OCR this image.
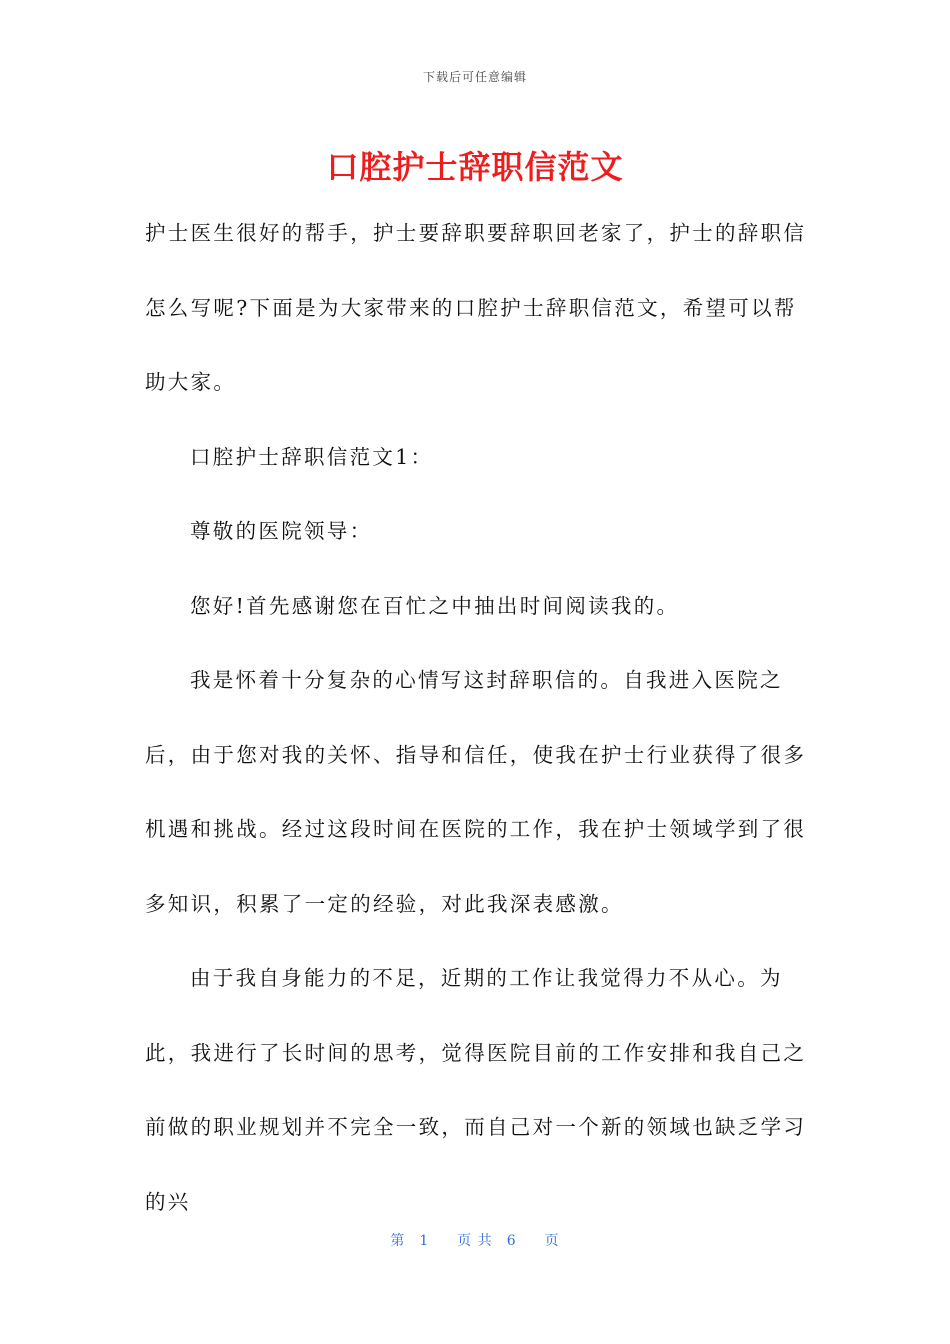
下载后可任意编辑
口腔护士辞职信范文

护士医生很好的帮手，护士要辞职要辞职回老家了，护士的辞职信怎么写呢?下面是为大家带来的口腔护士辞职信范文，希望可以帮助大家。

口腔护士辞职信范文1：

尊敬的医院领导：

您好!首先感谢您在百忙之中抽出时间阅读我的。

我是怀着十分复杂的心情写这封辞职信的。自我进入医院之后，由于您对我的关怀、指导和信任，使我在护士行业获得了很多机遇和挑战。经过这段时间在医院的工作，我在护士领域学到了很多知识，积累了一定的经验，对此我深表感激。

由于我自身能力的不足，近期的工作让我觉得力不从心。为此，我进行了长时间的思考，觉得医院目前的工作安排和我自己之前做的职业规划并不完全一致，而自己对一个新的领域也缺乏学习的兴

第 1 页 共 6 页
